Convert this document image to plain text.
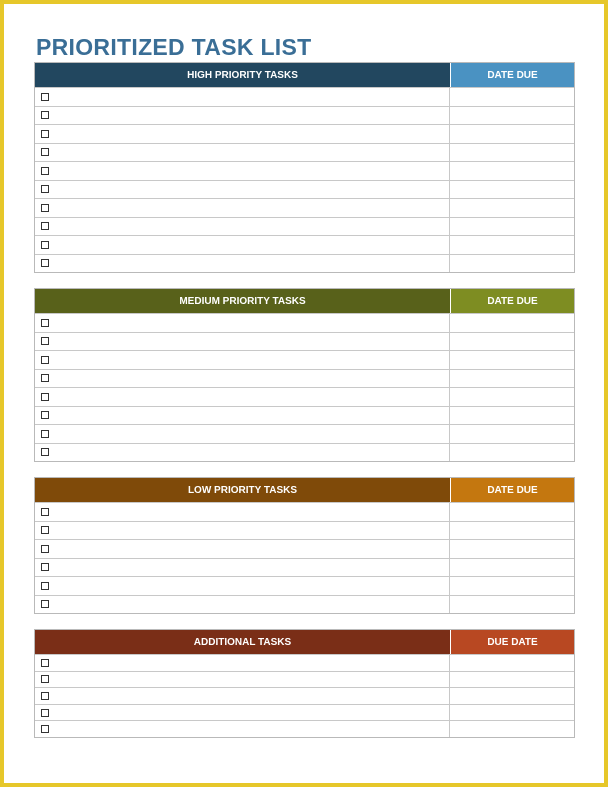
PRIORITIZED TASK LIST
HIGH PRIORITY TASKS	DATE DUE
MEDIUM PRIORITY TASKS	DATE DUE
LOW PRIORITY TASKS	DATE DUE
ADDITIONAL TASKS	DUE DATE
